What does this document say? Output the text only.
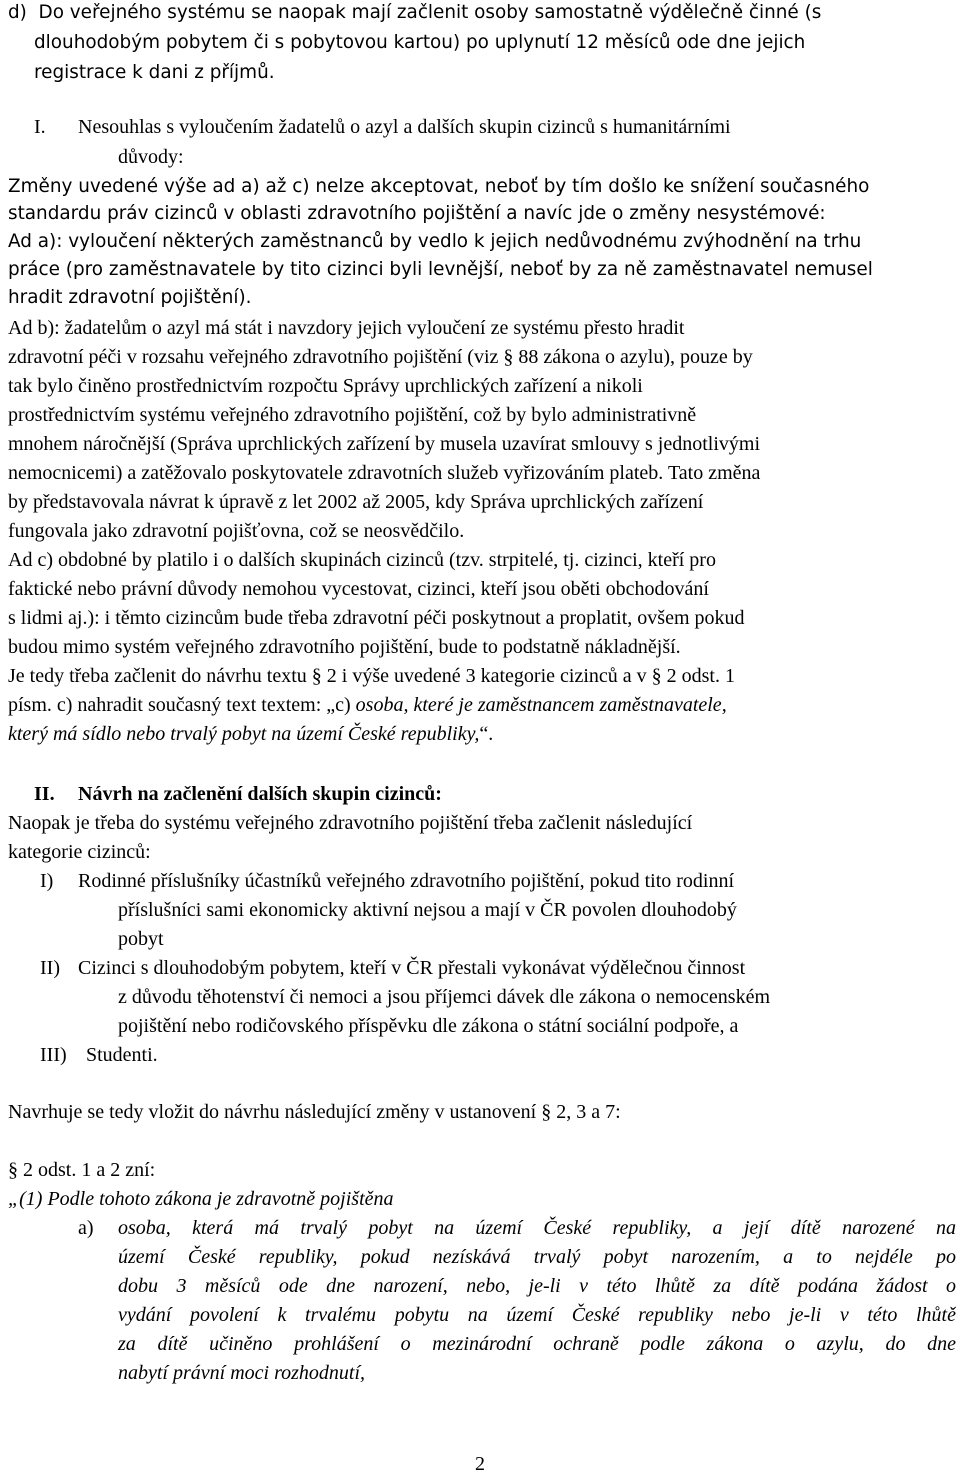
d)  Do veřejného systému se naopak mají začlenit osoby samostatně výdělečně činné (s
dlouhodobým pobytem či s pobytovou kartou) po uplynutí 12 měsíců ode dne jejich
registrace k dani z příjmů.
I. Nesouhlas s vyloučením žadatelů o azyl a dalších skupin cizinců s humanitárními
důvody:
Změny uvedené výše ad a) až c) nelze akceptovat, neboť by tím došlo ke snížení současného
standardu práv cizinců v oblasti zdravotního pojištění a navíc jde o změny nesystémové:
Ad a): vyloučení některých zaměstnanců by vedlo k jejich nedůvodnému zvýhodnění na trhu
práce (pro zaměstnavatele by tito cizinci byli levnější, neboť by za ně zaměstnavatel nemusel
hradit zdravotní pojištění).
Ad b): žadatelům o azyl má stát i navzdory jejich vyloučení ze systému přesto hradit
zdravotní péči v rozsahu veřejného zdravotního pojištění (viz § 88 zákona o azylu), pouze by
tak bylo činěno prostřednictvím rozpočtu Správy uprchlických zařízení a nikoli
prostřednictvím systému veřejného zdravotního pojištění, což by bylo administrativně
mnohem náročnější (Správa uprchlických zařízení by musela uzavírat smlouvy s jednotlivými
nemocnicemi) a zatěžovalo poskytovatele zdravotních služeb vyřizováním plateb. Tato změna
by představovala návrat k úpravě z let 2002 až 2005, kdy Správa uprchlických zařízení
fungovala jako zdravotní pojišťovna, což se neosvědčilo.
Ad c) obdobné by platilo i o dalších skupinách cizinců (tzv. strpitelé, tj. cizinci, kteří pro
faktické nebo právní důvody nemohou vycestovat, cizinci, kteří jsou oběti obchodování
s lidmi aj.): i těmto cizincům bude třeba zdravotní péči poskytnout a proplatit, ovšem pokud
budou mimo systém veřejného zdravotního pojištění, bude to podstatně nákladnější.
Je tedy třeba začlenit do návrhu textu § 2 i výše uvedené 3 kategorie cizinců a v § 2 odst. 1
písm. c) nahradit současný text textem: „c) osoba, které je zaměstnancem zaměstnavatele,
který má sídlo nebo trvalý pobyt na území České republiky,“.
II. Návrh na začlenění dalších skupin cizinců:
Naopak je třeba do systému veřejného zdravotního pojištění třeba začlenit následující
kategorie cizinců:
I) Rodinné příslušníky účastníků veřejného zdravotního pojištění, pokud tito rodinní
příslušníci sami ekonomicky aktivní nejsou a mají v ČR povolen dlouhodobý
pobyt
II) Cizinci s dlouhodobým pobytem, kteří v ČR přestali vykonávat výdělečnou činnost
z důvodu těhotenství či nemoci a jsou příjemci dávek dle zákona o nemocenském
pojištění nebo rodičovského příspěvku dle zákona o státní sociální podpoře, a
III) Studenti.
Navrhuje se tedy vložit do návrhu následující změny v ustanovení § 2, 3 a 7:
§ 2 odst. 1 a 2 zní:
„(1) Podle tohoto zákona je zdravotně pojištěna
a) osoba, která má trvalý pobyt na území České republiky, a její dítě narozené na
území České republiky, pokud nezískává trvalý pobyt narozením, a to nejdéle po
dobu 3 měsíců ode dne narození, nebo, je-li v této lhůtě za dítě podána žádost o
vydání povolení k trvalému pobytu na území České republiky nebo je-li v této lhůtě
za dítě učiněno prohlášení o mezinárodní ochraně podle zákona o azylu, do dne
nabytí právní moci rozhodnutí,
2
